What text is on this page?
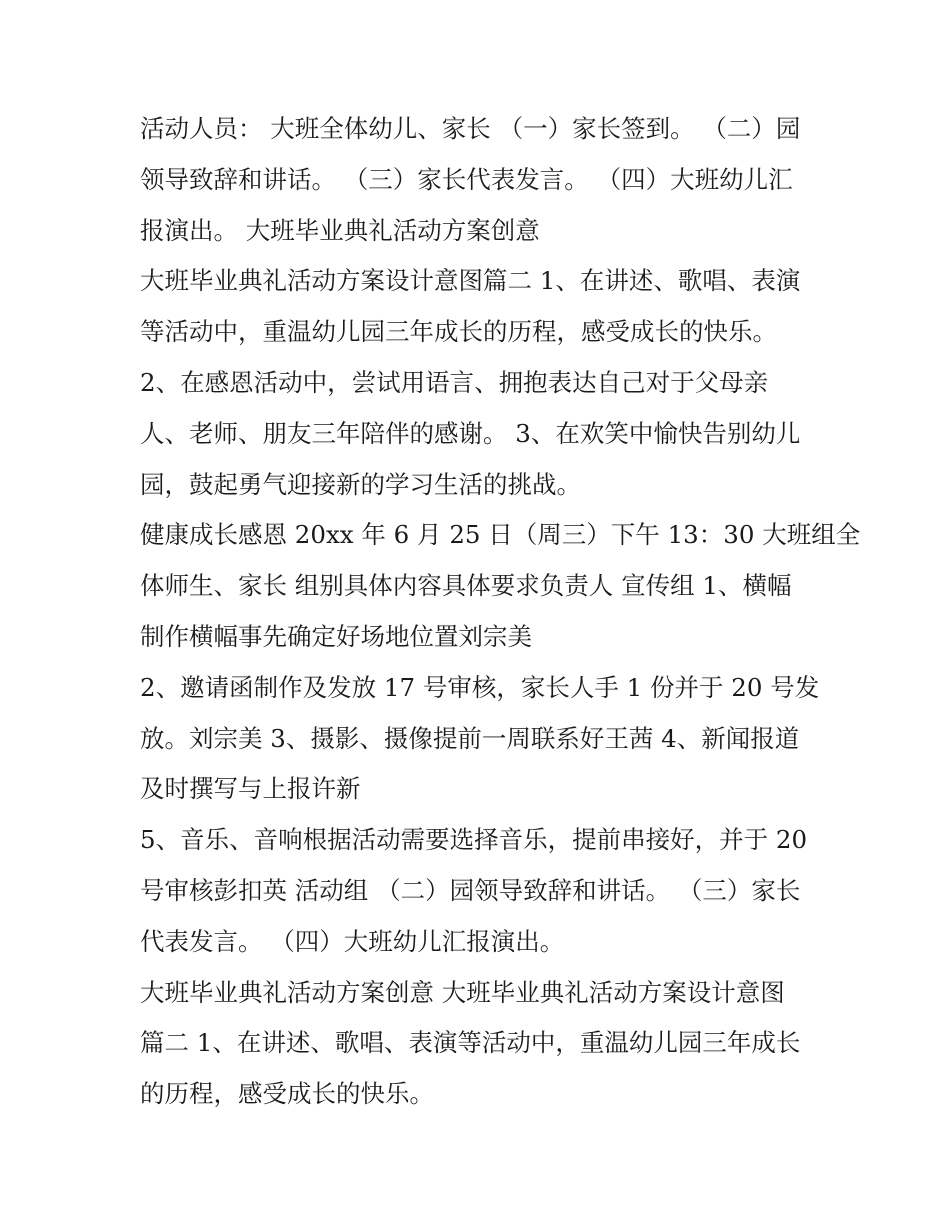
活动人员： 大班全体幼儿、家长 （一）家长签到。 （二）园
领导致辞和讲话。 （三）家长代表发言。 （四）大班幼儿汇
报演出。 大班毕业典礼活动方案创意
大班毕业典礼活动方案设计意图篇二 1、在讲述、歌唱、表演
等活动中，重温幼儿园三年成长的历程，感受成长的快乐。
2、在感恩活动中，尝试用语言、拥抱表达自己对于父母亲
人、老师、朋友三年陪伴的感谢。 3、在欢笑中愉快告别幼儿
园，鼓起勇气迎接新的学习生活的挑战。
健康成长感恩 20xx 年 6 月 25 日（周三）下午 13：30 大班组全
体师生、家长 组别具体内容具体要求负责人 宣传组 1、横幅
制作横幅事先确定好场地位置刘宗美
2、邀请函制作及发放 17 号审核，家长人手 1 份并于 20 号发
放。刘宗美 3、摄影、摄像提前一周联系好王茜 4、新闻报道
及时撰写与上报许新
5、音乐、音响根据活动需要选择音乐，提前串接好，并于 20
号审核彭扣英 活动组 （二）园领导致辞和讲话。 （三）家长
代表发言。 （四）大班幼儿汇报演出。
大班毕业典礼活动方案创意 大班毕业典礼活动方案设计意图
篇二 1、在讲述、歌唱、表演等活动中，重温幼儿园三年成长
的历程，感受成长的快乐。
